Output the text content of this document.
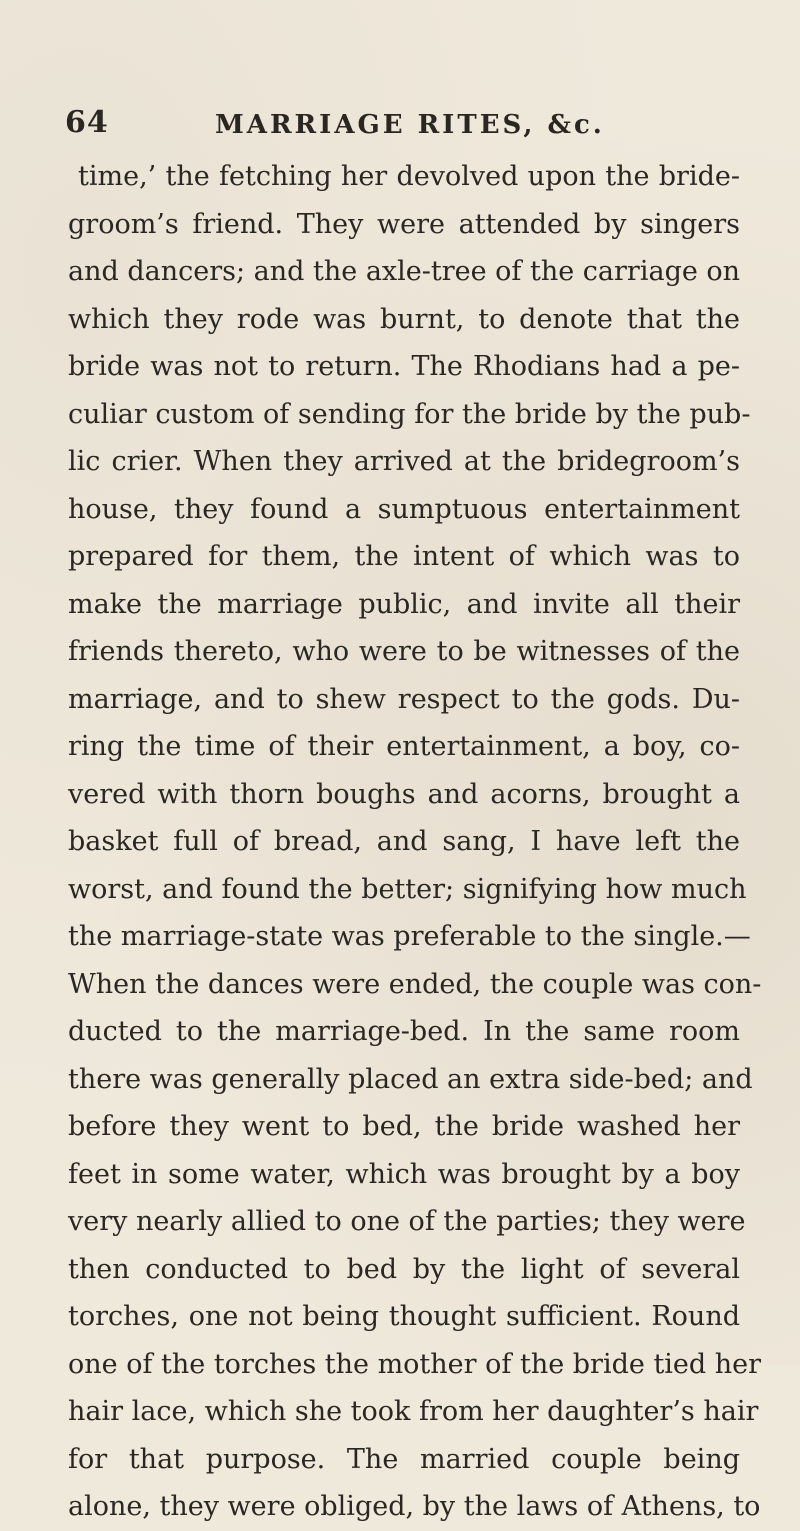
64	MARRIAGE RITES, &c.
time,’ the fetching her devolved upon the bride-
groom’s friend. They were attended by singers
and dancers; and the axle-tree of the carriage on
which they rode was burnt, to denote that the
bride was not to return. The Rhodians had a pe-
culiar custom of sending for the bride by the pub-
lic crier. When they arrived at the bridegroom’s
house, they found a sumptuous entertainment
prepared for them, the intent of which was to
make the marriage public, and invite all their
friends thereto, who were to be witnesses of the
marriage, and to shew respect to the gods. Du-
ring the time of their entertainment, a boy, co-
vered with thorn boughs and acorns, brought a
basket full of bread, and sang, I have left the
worst, and found the better; signifying how much
the marriage-state was preferable to the single.—
When the dances were ended, the couple was con-
ducted to the marriage-bed. In the same room
there was generally placed an extra side-bed; and
before they went to bed, the bride washed her
feet in some water, which was brought by a boy
very nearly allied to one of the parties; they were
then conducted to bed by the light of several
torches, one not being thought sufficient. Round
one of the torches the mother of the bride tied her
hair lace, which she took from her daughter’s hair
for that purpose. The married couple being
alone, they were obliged, by the laws of Athens, to
